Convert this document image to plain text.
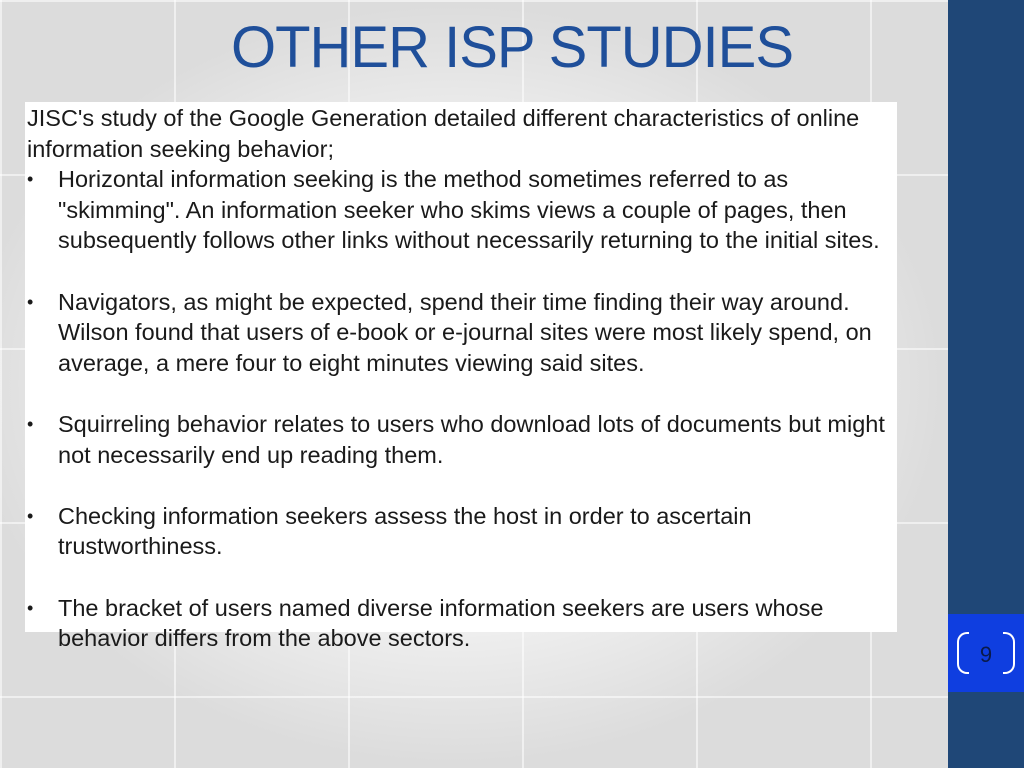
9
OTHER ISP STUDIES

JISC's study of the Google Generation detailed different characteristics of online information seeking behavior;

•	Horizontal information seeking is the method sometimes referred to as "skimming". An information seeker who skims views a couple of pages, then subsequently follows other links without necessarily returning to the initial sites.
•	Navigators, as might be expected, spend their time finding their way around. Wilson found that users of e-book or e-journal sites were most likely spend, on average, a mere four to eight minutes viewing said sites.
•	Squirreling behavior relates to users who download lots of documents but might not necessarily end up reading them.
•	Checking information seekers assess the host in order to ascertain trustworthiness.
•	The bracket of users named diverse information seekers are users whose behavior differs from the above sectors.
